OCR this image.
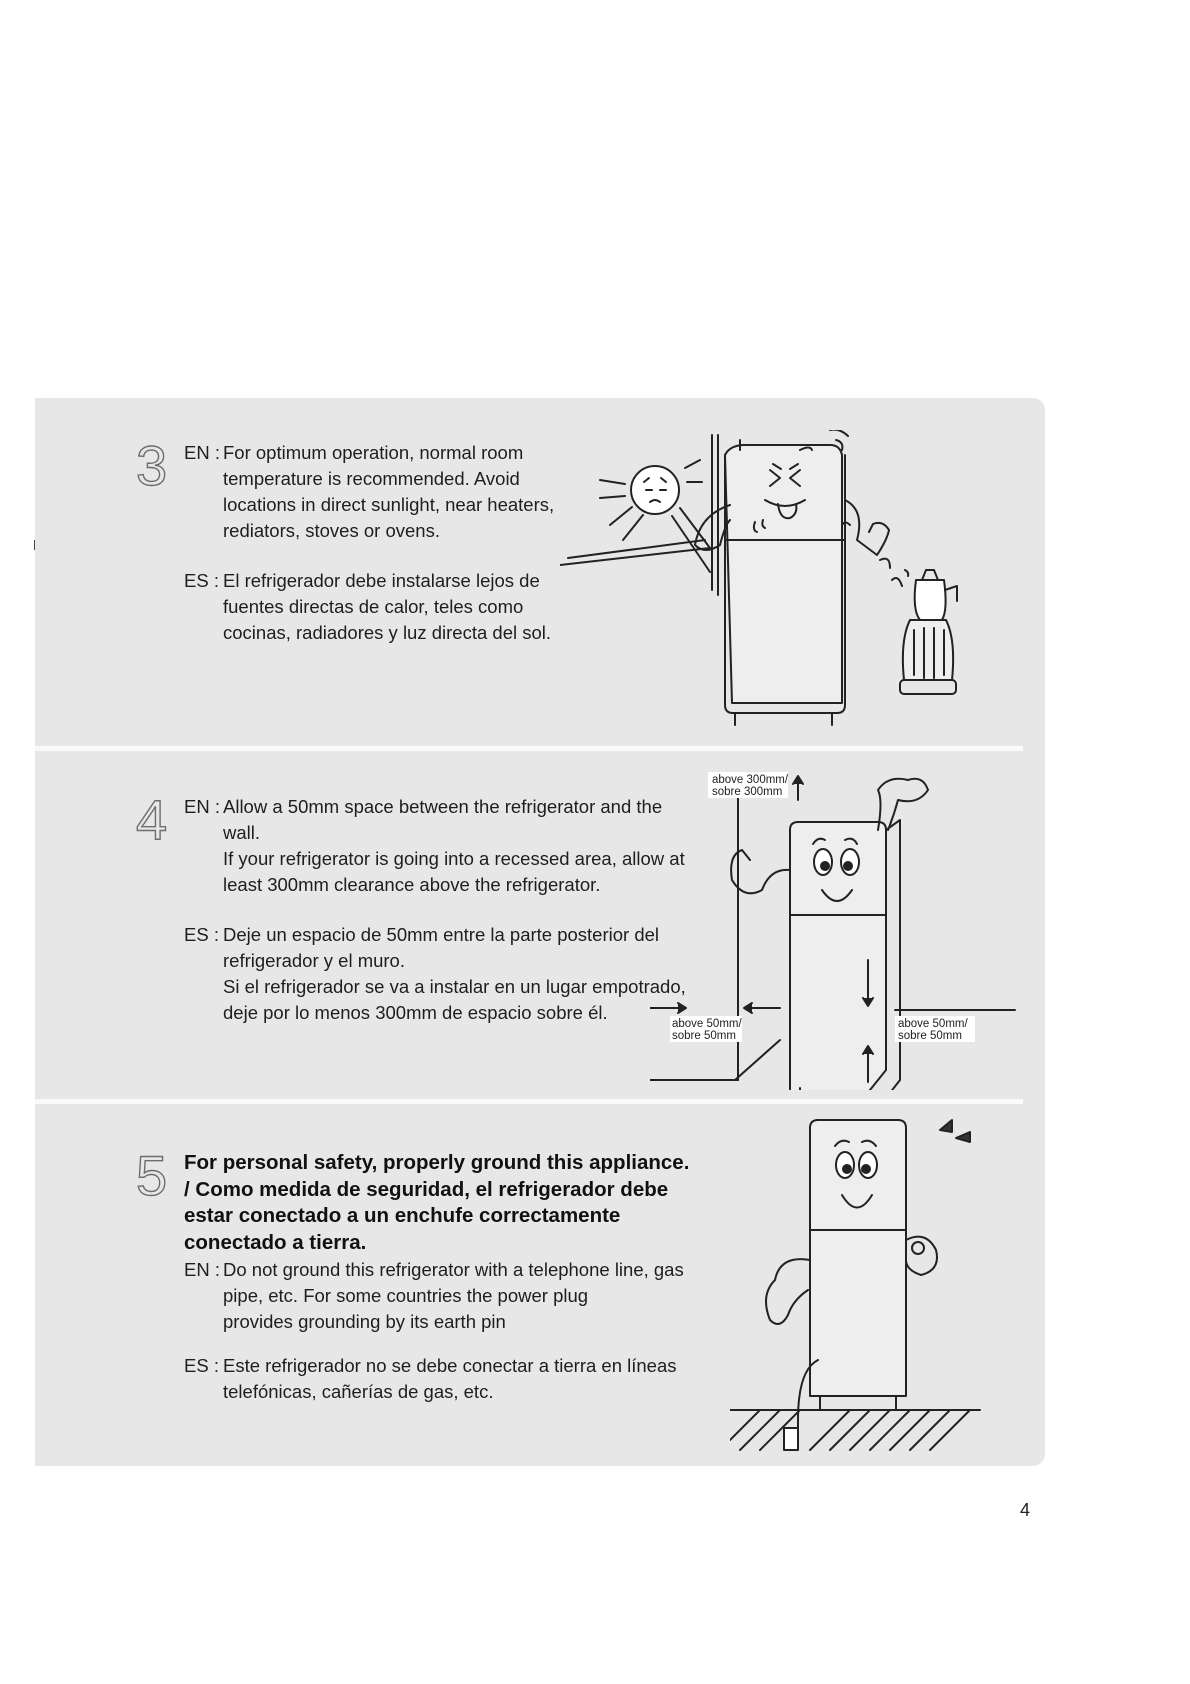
3 EN : For optimum operation, normal room
temperature is recommended. Avoid
locations in direct sunlight, near heaters,
rediators, stoves or ovens.
ES : El refrigerador debe instalarse lejos de
fuentes directas de calor, teles como
cocinas, radiadores y luz directa del sol.
4 EN : Allow a 50mm space between the refrigerator and the
wall.
If your refrigerator is going into a recessed area, allow at
least 300mm clearance above the refrigerator.
ES : Deje un espacio de 50mm entre la parte posterior del
refrigerador y el muro.
Si el refrigerador se va a instalar en un lugar empotrado,
deje por lo menos 300mm de espacio sobre él.
above 300mm/
sobre 300mm
above 50mm/
sobre 50mm
above 50mm/
sobre 50mm
5 For personal safety, properly ground this appliance.
/ Como medida de seguridad, el refrigerador debe
estar conectado a un enchufe correctamente
conectado a tierra.
EN : Do not ground this refrigerator with a telephone line, gas
pipe, etc. For some countries the power plug
provides grounding by its earth pin
ES : Este refrigerador no se debe conectar a tierra en líneas
telefónicas, cañerías de gas, etc.
4
